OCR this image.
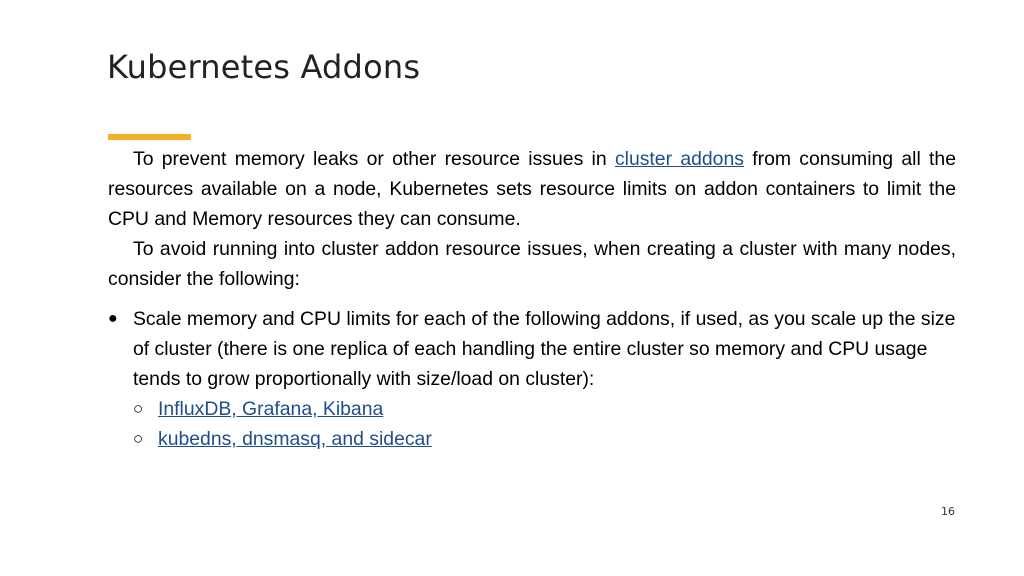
Kubernetes Addons

To prevent memory leaks or other resource issues in cluster addons from consuming all the resources available on a node, Kubernetes sets resource limits on addon containers to limit the CPU and Memory resources they can consume.

To avoid running into cluster addon resource issues, when creating a cluster with many nodes, consider the following:

● Scale memory and CPU limits for each of the following addons, if used, as you scale up the size of cluster (there is one replica of each handling the entire cluster so memory and CPU usage tends to grow proportionally with size/load on cluster):
○ InfluxDB, Grafana, Kibana
○ kubedns, dnsmasq, and sidecar
16
